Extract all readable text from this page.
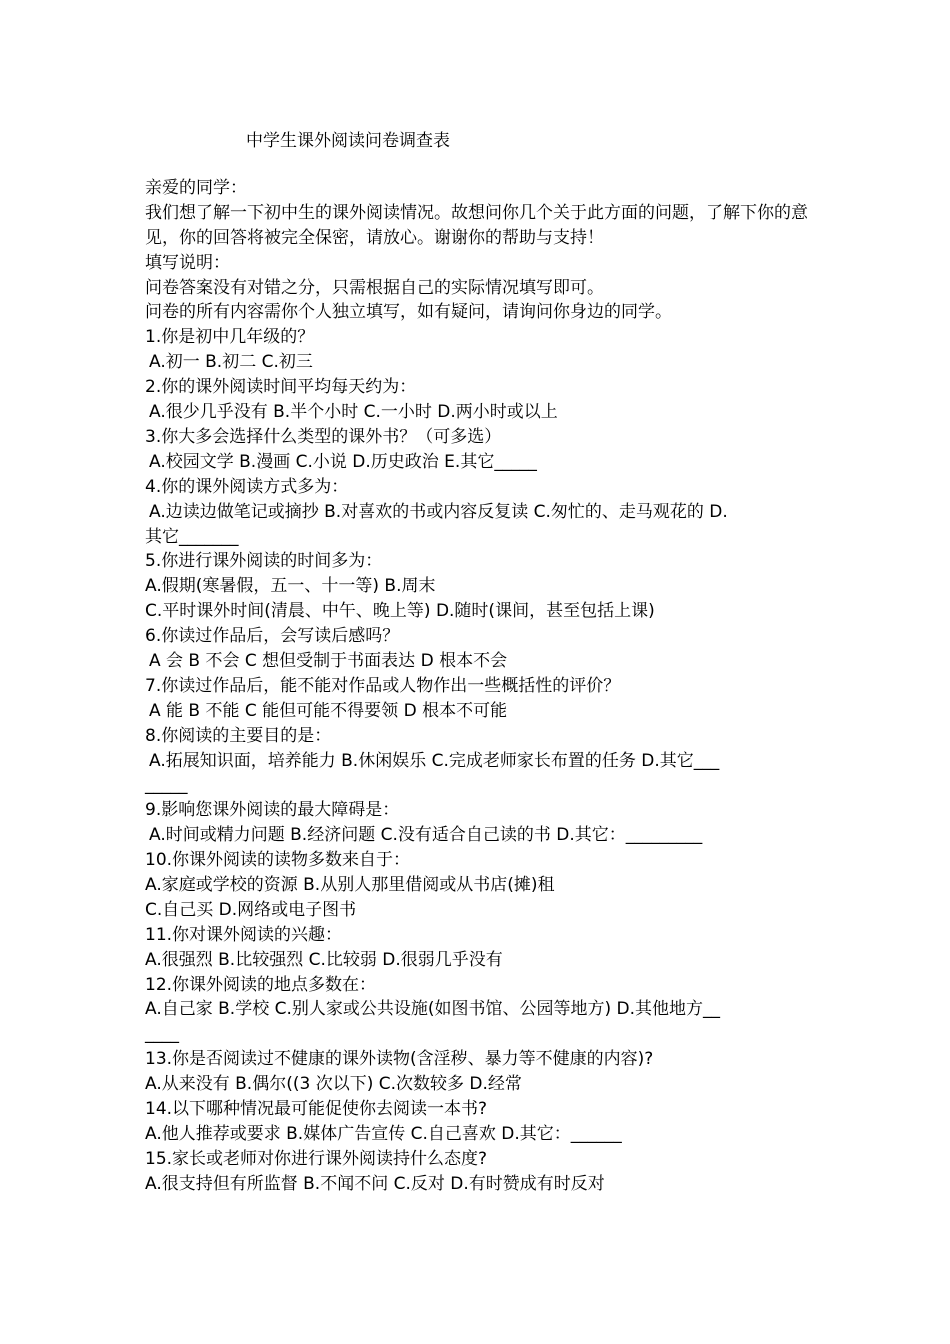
中学生课外阅读问卷调查表
亲爱的同学：
我们想了解一下初中生的课外阅读情况。故想问你几个关于此方面的问题，了解下你的意见，你的回答将被完全保密，请放心。谢谢你的帮助与支持！
填写说明：
问卷答案没有对错之分，只需根据自己的实际情况填写即可。
问卷的所有内容需你个人独立填写，如有疑问，请询问你身边的同学。
1.你是初中几年级的？
A.初一 B.初二 C.初三
2.你的课外阅读时间平均每天约为：
A.很少几乎没有 B.半个小时 C.一小时 D.两小时或以上
3.你大多会选择什么类型的课外书？（可多选）
A.校园文学 B.漫画 C.小说 D.历史政治 E.其它_____
4.你的课外阅读方式多为：
A.边读边做笔记或摘抄 B.对喜欢的书或内容反复读 C.匆忙的、走马观花的 D.
其它_______
5.你进行课外阅读的时间多为：
A.假期(寒暑假，五一、十一等) B.周末
C.平时课外时间(清晨、中午、晚上等) D.随时(课间，甚至包括上课)
6.你读过作品后，会写读后感吗？
A 会 B 不会 C 想但受制于书面表达 D 根本不会
7.你读过作品后，能不能对作品或人物作出一些概括性的评价？
A 能 B 不能 C 能但可能不得要领 D 根本不可能
8.你阅读的主要目的是：
A.拓展知识面，培养能力 B.休闲娱乐 C.完成老师家长布置的任务 D.其它___
_____
9.影响您课外阅读的最大障碍是：
A.时间或精力问题 B.经济问题 C.没有适合自己读的书 D.其它：_________
10.你课外阅读的读物多数来自于：
A.家庭或学校的资源 B.从别人那里借阅或从书店(摊)租
C.自己买 D.网络或电子图书
11.你对课外阅读的兴趣：
A.很强烈 B.比较强烈 C.比较弱 D.很弱几乎没有
12.你课外阅读的地点多数在：
A.自己家 B.学校 C.别人家或公共设施(如图书馆、公园等地方) D.其他地方__
____
13.你是否阅读过不健康的课外读物(含淫秽、暴力等不健康的内容)?
A.从来没有 B.偶尔((3 次以下) C.次数较多 D.经常
14.以下哪种情况最可能促使你去阅读一本书?
A.他人推荐或要求 B.媒体广告宣传 C.自己喜欢 D.其它：______
15.家长或老师对你进行课外阅读持什么态度?
A.很支持但有所监督 B.不闻不问 C.反对 D.有时赞成有时反对
